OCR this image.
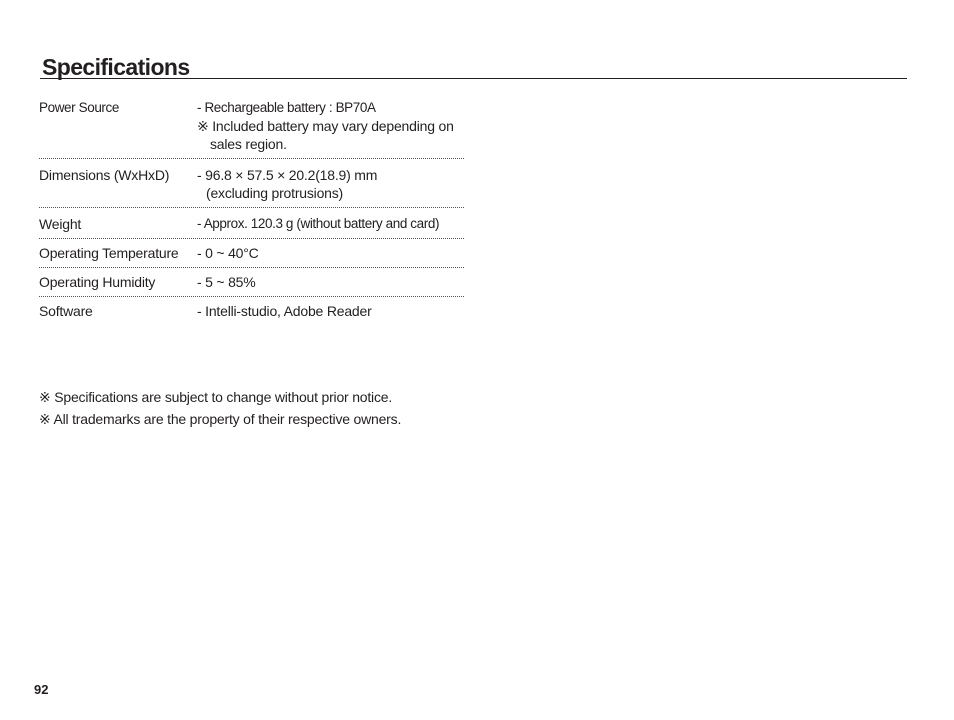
Specifications
Power Source	- Rechargeable battery : BP70A
※ Included battery may vary depending on
sales region.
Dimensions (WxHxD)	- 96.8 × 57.5 × 20.2(18.9) mm
(excluding protrusions)
Weight	- Approx. 120.3 g (without battery and card)
Operating Temperature	- 0 ~ 40°C
Operating Humidity	- 5 ~ 85%
Software	- Intelli-studio, Adobe Reader
※ Specifications are subject to change without prior notice.
※ All trademarks are the property of their respective owners.
92
